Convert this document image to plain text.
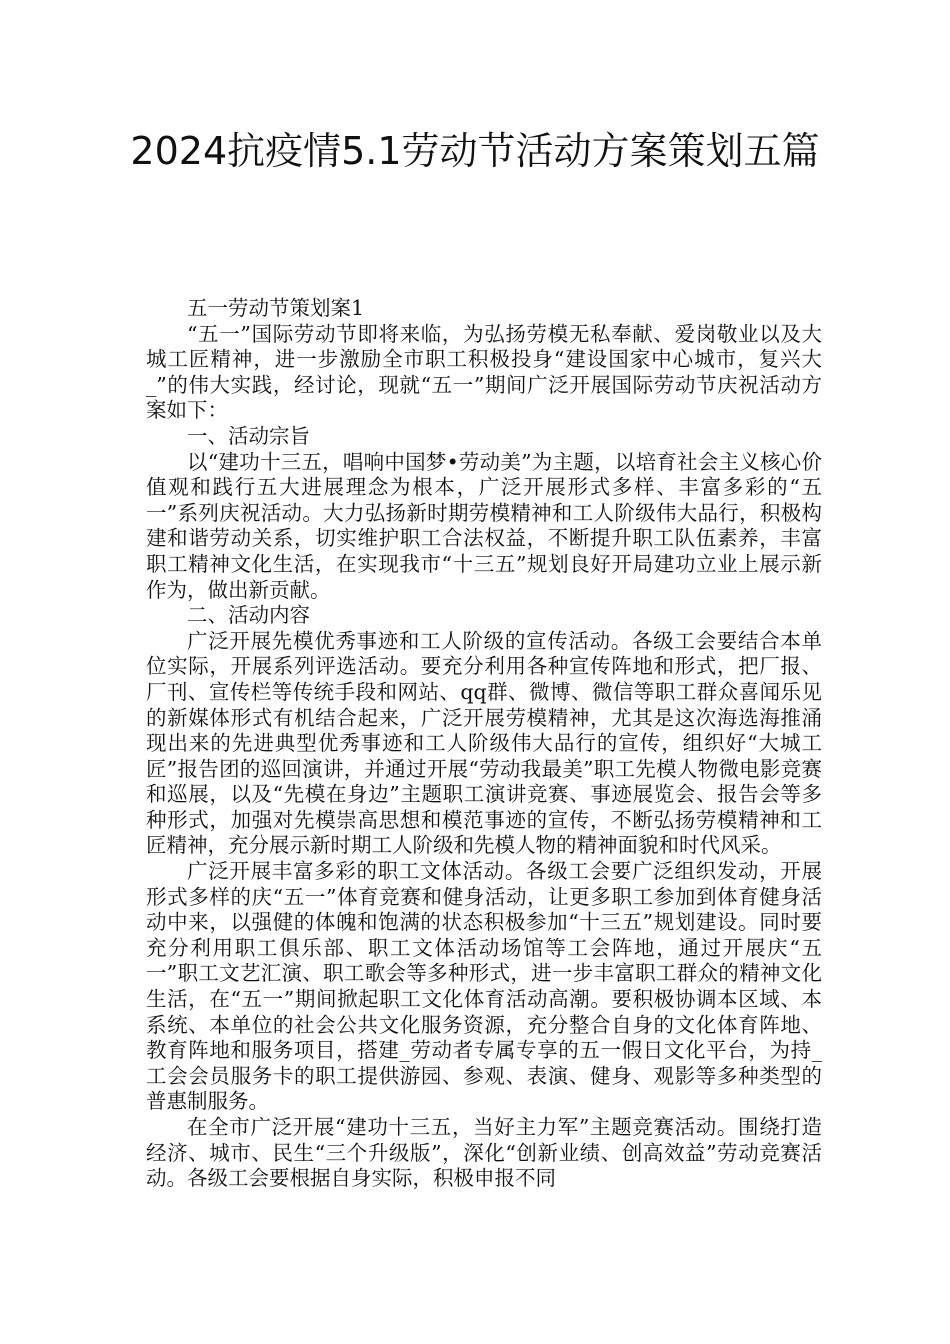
2024抗疫情5.1劳动节活动方案策划五篇

五一劳动节策划案1

“五一”国际劳动节即将来临，为弘扬劳模无私奉献、爱岗敬业以及大城工匠精神，进一步激励全市职工积极投身“建设国家中心城市，复兴大_”的伟大实践，经讨论，现就“五一”期间广泛开展国际劳动节庆祝活动方案如下：

一、活动宗旨

以“建功十三五，唱响中国梦•劳动美”为主题，以培育社会主义核心价值观和践行五大进展理念为根本，广泛开展形式多样、丰富多彩的“五一”系列庆祝活动。大力弘扬新时期劳模精神和工人阶级伟大品行，积极构建和谐劳动关系，切实维护职工合法权益，不断提升职工队伍素养，丰富职工精神文化生活，在实现我市“十三五”规划良好开局建功立业上展示新作为，做出新贡献。

二、活动内容

广泛开展先模优秀事迹和工人阶级的宣传活动。各级工会要结合本单位实际，开展系列评选活动。要充分利用各种宣传阵地和形式，把厂报、厂刊、宣传栏等传统手段和网站、qq群、微博、微信等职工群众喜闻乐见的新媒体形式有机结合起来，广泛开展劳模精神，尤其是这次海选海推涌现出来的先进典型优秀事迹和工人阶级伟大品行的宣传，组织好“大城工匠”报告团的巡回演讲，并通过开展“劳动我最美”职工先模人物微电影竞赛和巡展，以及“先模在身边”主题职工演讲竞赛、事迹展览会、报告会等多种形式，加强对先模崇高思想和模范事迹的宣传，不断弘扬劳模精神和工匠精神，充分展示新时期工人阶级和先模人物的精神面貌和时代风采。

广泛开展丰富多彩的职工文体活动。各级工会要广泛组织发动，开展形式多样的庆“五一”体育竞赛和健身活动，让更多职工参加到体育健身活动中来，以强健的体魄和饱满的状态积极参加“十三五”规划建设。同时要充分利用职工俱乐部、职工文体活动场馆等工会阵地，通过开展庆“五一”职工文艺汇演、职工歌会等多种形式，进一步丰富职工群众的精神文化生活，在“五一”期间掀起职工文化体育活动高潮。要积极协调本区域、本系统、本单位的社会公共文化服务资源，充分整合自身的文化体育阵地、教育阵地和服务项目，搭建_劳动者专属专享的五一假日文化平台，为持_工会会员服务卡的职工提供游园、参观、表演、健身、观影等多种类型的普惠制服务。

在全市广泛开展“建功十三五，当好主力军”主题竞赛活动。围绕打造经济、城市、民生“三个升级版”，深化“创新业绩、创高效益”劳动竞赛活动。各级工会要根据自身实际，积极申报不同
